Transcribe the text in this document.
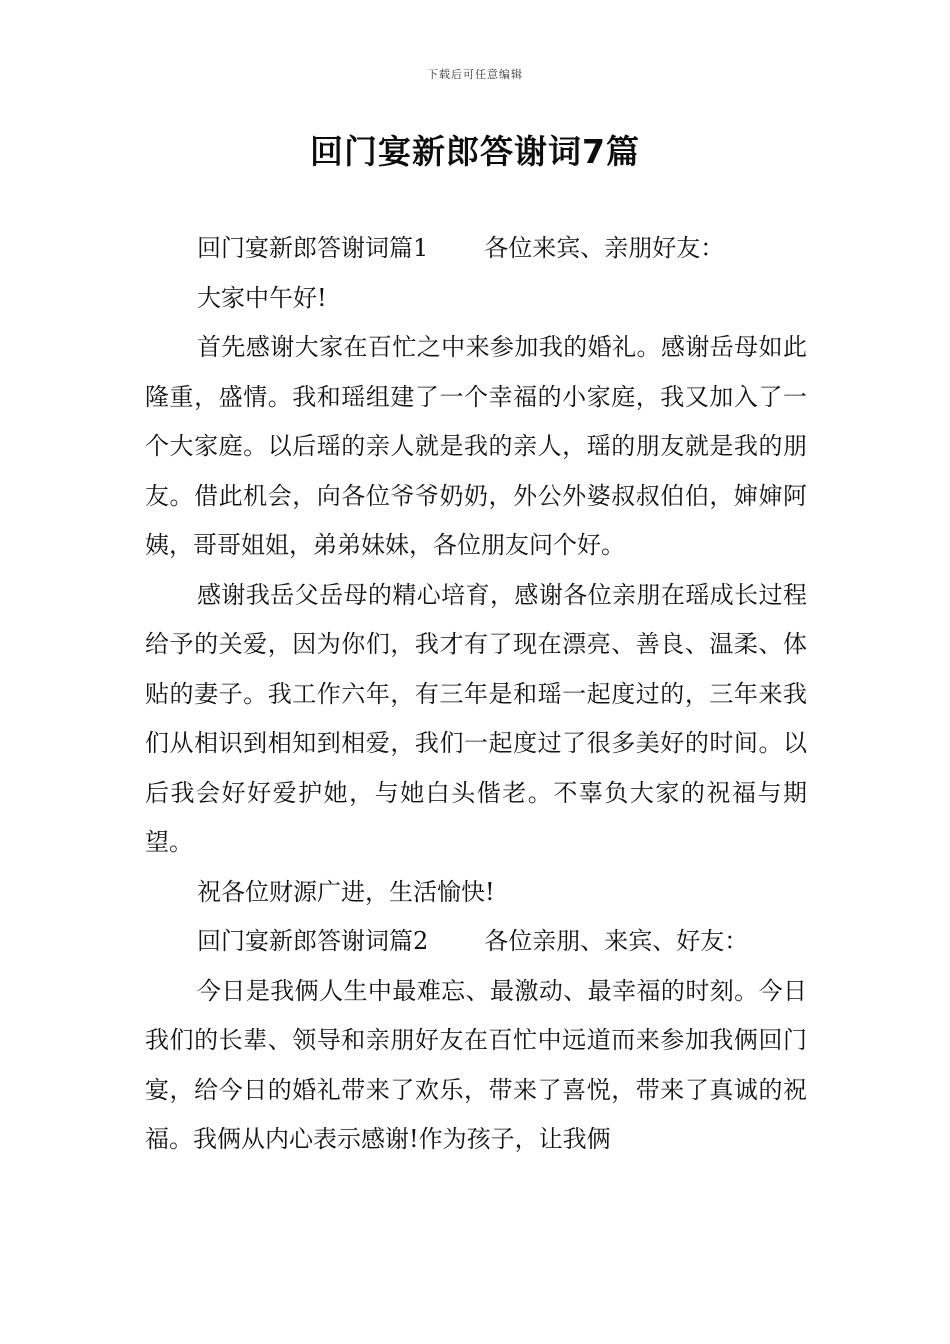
下载后可任意编辑
回门宴新郎答谢词7篇

回门宴新郎答谢词篇1 各位来宾、亲朋好友：

大家中午好!

首先感谢大家在百忙之中来参加我的婚礼。感谢岳母如此隆重，盛情。我和瑶组建了一个幸福的小家庭，我又加入了一个大家庭。以后瑶的亲人就是我的亲人，瑶的朋友就是我的朋友。借此机会，向各位爷爷奶奶，外公外婆叔叔伯伯，婶婶阿姨，哥哥姐姐，弟弟妹妹，各位朋友问个好。

感谢我岳父岳母的精心培育，感谢各位亲朋在瑶成长过程给予的关爱，因为你们，我才有了现在漂亮、善良、温柔、体贴的妻子。我工作六年，有三年是和瑶一起度过的，三年来我们从相识到相知到相爱，我们一起度过了很多美好的时间。以后我会好好爱护她，与她白头偕老。不辜负大家的祝福与期望。

祝各位财源广进，生活愉快!

回门宴新郎答谢词篇2 各位亲朋、来宾、好友：

今日是我俩人生中最难忘、最激动、最幸福的时刻。今日我们的长辈、领导和亲朋好友在百忙中远道而来参加我俩回门宴，给今日的婚礼带来了欢乐，带来了喜悦，带来了真诚的祝福。我俩从内心表示感谢!作为孩子，让我俩
